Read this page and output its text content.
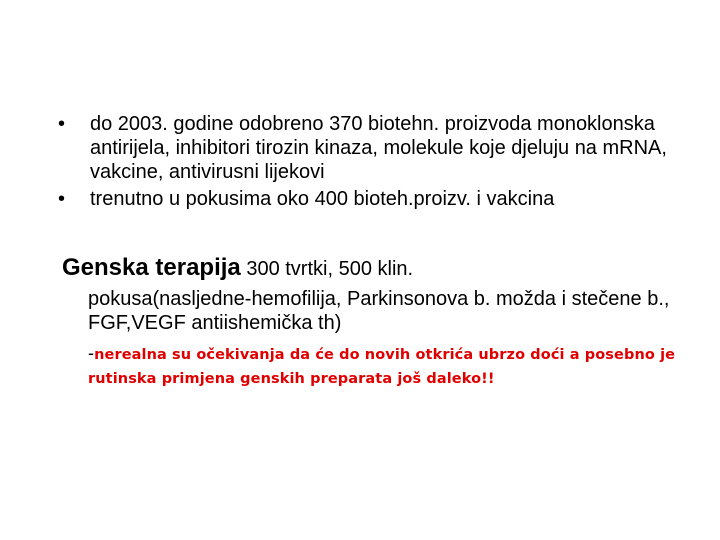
• do 2003. godine odobreno 370 biotehn. proizvoda monoklonska antirijela, inhibitori tirozin kinaza, molekule koje djeluju na mRNA, vakcine, antivirusni lijekovi
• trenutno u pokusima oko 400 bioteh.proizv. i vakcina

Genska terapija 300 tvrtki, 500 klin.

pokusa(nasljedne-hemofilija, Parkinsonova b. možda i stečene b., FGF,VEGF antiishemička th)

-nerealna su očekivanja da će do novih otkrića ubrzo doći a posebno je rutinska primjena genskih preparata još daleko!!
